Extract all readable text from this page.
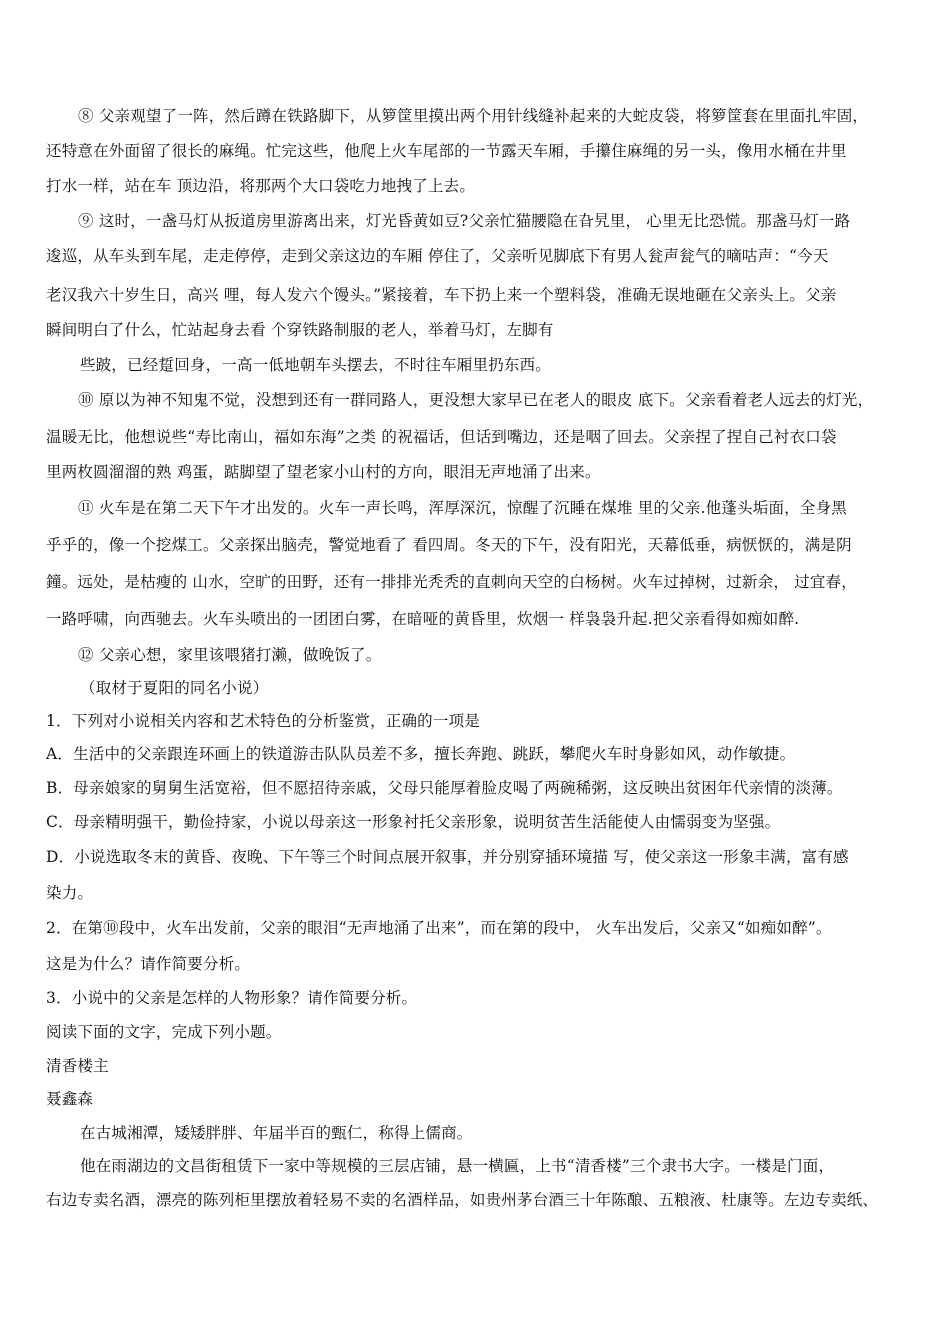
⑧ 父亲观望了一阵，然后蹲在铁路脚下，从箩筐里摸出两个用针线缝补起来的大蛇皮袋，将箩筐套在里面扎牢固，
还特意在外面留了很长的麻绳。忙完这些，他爬上火车尾部的一节露天车厢，手攥住麻绳的另一头，像用水桶在井里
打水一样，站在车 顶边沿，将那两个大口袋吃力地拽了上去。
⑨ 这时，一盏马灯从扳道房里游离出来，灯光昏黄如豆?父亲忙猫腰隐在旮旯里， 心里无比恐慌。那盏马灯一路
逡巡，从车头到车尾，走走停停，走到父亲这边的车厢 停住了，父亲听见脚底下有男人瓮声瓮气的嘀咕声：“今天
老汉我六十岁生日，高兴 哩，每人发六个馒头。”紧接着，车下扔上来一个塑料袋，准确无误地砸在父亲头上。父亲
瞬间明白了什么，忙站起身去看 个穿铁路制服的老人，举着马灯，左脚有
些跛，已经踅回身，一高一低地朝车头摆去，不时往车厢里扔东西。
⑩ 原以为神不知鬼不觉，没想到还有一群同路人，更没想大家早已在老人的眼皮 底下。父亲看着老人远去的灯光，
温暖无比，他想说些“寿比南山，福如东海”之类 的祝福话，但话到嘴边，还是咽了回去。父亲捏了捏自己衬衣口袋
里两枚圆溜溜的熟 鸡蛋，踮脚望了望老家小山村的方向，眼泪无声地涌了出来。
⑪ 火车是在第二天下午才出发的。火车一声长鸣，浑厚深沉，惊醒了沉睡在煤堆 里的父亲.他蓬头垢面，全身黑
乎乎的，像一个挖煤工。父亲探出脑壳，警觉地看了 看四周。冬天的下午，没有阳光，天幕低垂，病恹恹的，满是阴
鐘。远处，是枯瘦的 山水，空旷的田野，还有一排排光秃秃的直刺向天空的白杨树。火车过掉树，过新余， 过宜春，
一路呼啸，向西驰去。火车头喷出的一团团白雾，在暗哑的黄昏里，炊烟一 样袅袅升起.把父亲看得如痴如醉.
⑫ 父亲心想，家里该喂猪打濑，做晚饭了。
（取材于夏阳的同名小说）
1．下列对小说相关内容和艺术特色的分析鉴赏，正确的一项是
A．生活中的父亲跟连环画上的铁道游击队队员差不多，擅长奔跑、跳跃，攀爬火车时身影如风，动作敏捷。
B．母亲娘家的舅舅生活宽裕，但不愿招待亲戚，父母只能厚着脸皮喝了两碗稀粥，这反映出贫困年代亲情的淡薄。
C．母亲精明强干，勤俭持家，小说以母亲这一形象衬托父亲形象，说明贫苦生活能使人由懦弱变为坚强。
D．小说选取冬末的黄昏、夜晚、下午等三个时间点展开叙事，并分别穿插环境描 写，使父亲这一形象丰满，富有感
染力。
2．在第⑩段中，火车出发前，父亲的眼泪“无声地涌了出来”，而在第的段中， 火车出发后，父亲又“如痴如醉”。
这是为什么？请作简要分析。
3．小说中的父亲是怎样的人物形象？请作简要分析。
阅读下面的文字，完成下列小题。
清香楼主
聂鑫森
在古城湘潭，矮矮胖胖、年届半百的甄仁，称得上儒商。
他在雨湖边的文昌街租赁下一家中等规模的三层店铺，悬一横匾，上书“清香楼”三个隶书大字。一楼是门面，
右边专卖名酒，漂亮的陈列柜里摆放着轻易不卖的名酒样品，如贵州茅台酒三十年陈酿、五粮液、杜康等。左边专卖纸、
